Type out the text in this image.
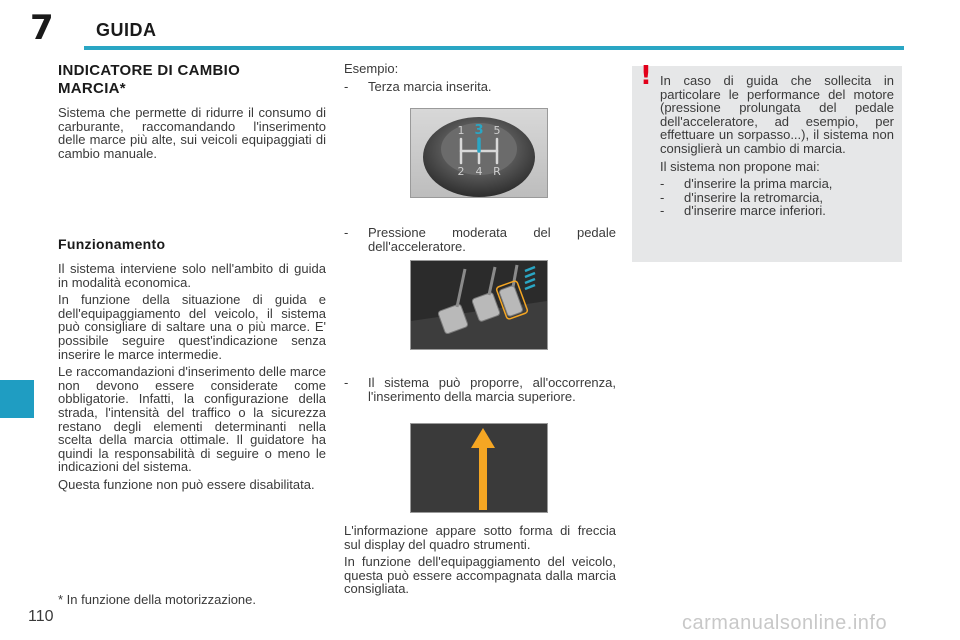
7 GUIDA
INDICATORE DI CAMBIO
MARCIA*

Sistema che permette di ridurre il consumo di carburante, raccomandando l'inserimento delle marce più alte, sui veicoli equipaggiati di cambio manuale.

Funzionamento

Il sistema interviene solo nell'ambito di guida in modalità economica.

In funzione della situazione di guida e dell'equipaggiamento del veicolo, il sistema può consigliare di saltare una o più marce. E' possibile seguire quest'indicazione senza inserire le marce intermedie.

Le raccomandazioni d'inserimento delle marce non devono essere considerate come obbligatorie. Infatti, la configurazione della strada, l'intensità del traffico o la sicurezza restano degli elementi determinanti nella scelta della marcia ottimale. Il guidatore ha quindi la responsabilità di seguire o meno le indicazioni del sistema.

Questa funzione non può essere disabilitata.

Esempio:

- Terza marcia inserita.
- Pressione moderata del pedale dell'acceleratore.
- Il sistema può proporre, all'occorrenza, l'inserimento della marcia superiore.

L'informazione appare sotto forma di freccia sul display del quadro strumenti.

In funzione dell'equipaggiamento del veicolo, questa può essere accompagnata dalla marcia consigliata.

1 3 5
2 4 R
! In caso di guida che sollecita in particolare le performance del motore (pressione prolungata del pedale dell'acceleratore, ad esempio, per effettuare un sorpasso...), il sistema non consiglierà un cambio di marcia.

Il sistema non propone mai:

- d'inserire la prima marcia,
- d'inserire la retromarcia,
- d'inserire marce inferiori.
* In funzione della motorizzazione.
110	carmanualsonline.info
